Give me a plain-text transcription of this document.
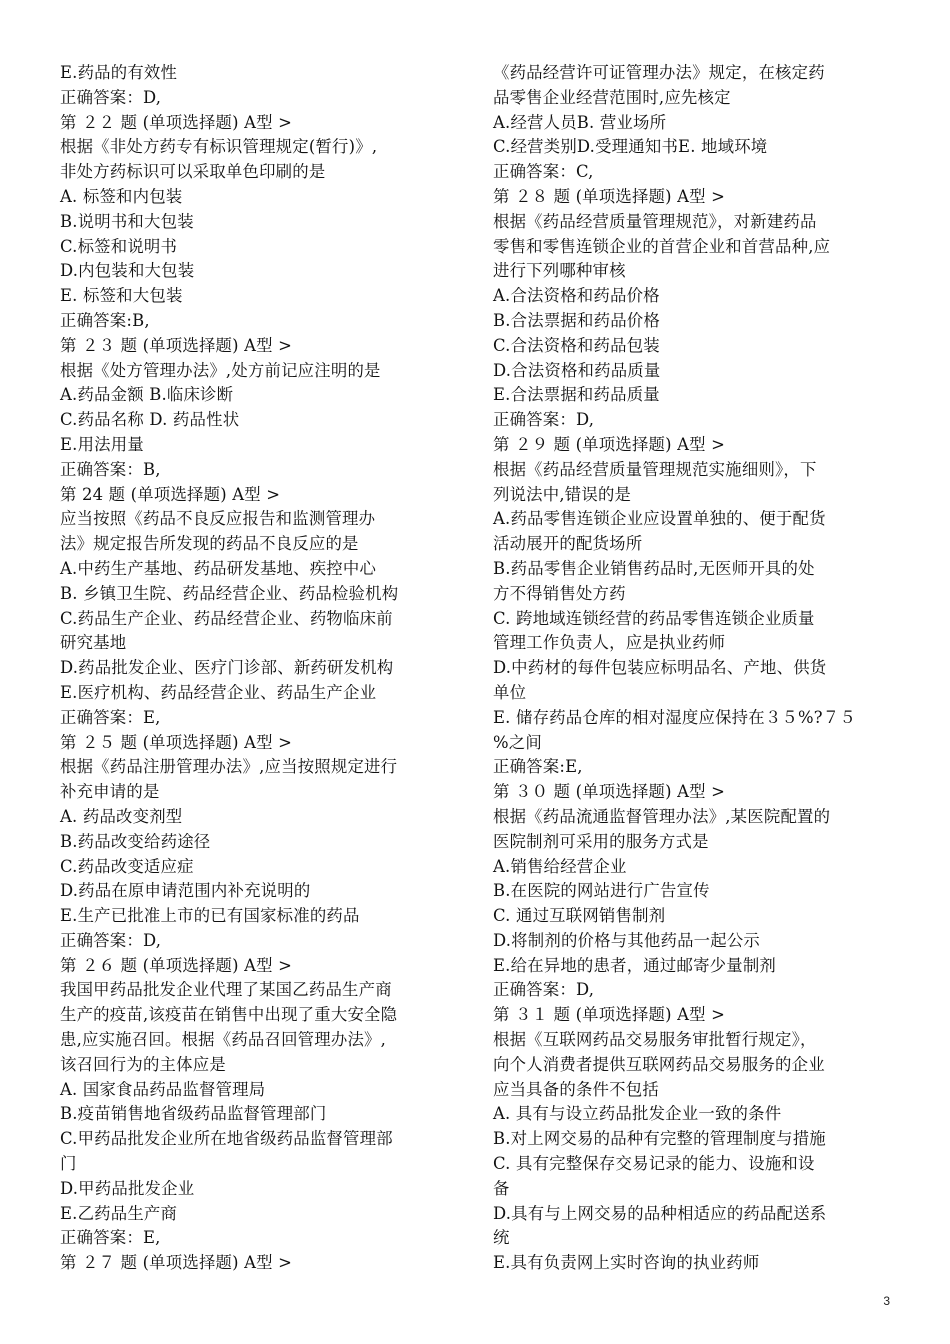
E.药品的有效性
正确答案：D,
第 ２２ 题 (单项选择题) A型 >
根据《非处方药专有标识管理规定(暂行)》,
非处方药标识可以采取单色印刷的是
A. 标签和内包装
B.说明书和大包装
C.标签和说明书
D.内包装和大包装
E. 标签和大包装
正确答案:B,
第 ２３ 题 (单项选择题) A型 >
根据《处方管理办法》,处方前记应注明的是
A.药品金额 B.临床诊断
C.药品名称 D. 药品性状
E.用法用量
正确答案：B,
第 24 题 (单项选择题) A型 >
应当按照《药品不良反应报告和监测管理办
法》规定报告所发现的药品不良反应的是
A.中药生产基地、药品研发基地、疾控中心
B. 乡镇卫生院、药品经营企业、药品检验机构
C.药品生产企业、药品经营企业、药物临床前
研究基地
D.药品批发企业、医疗门诊部、新药研发机构
E.医疗机构、药品经营企业、药品生产企业
正确答案：E,
第 ２５ 题 (单项选择题) A型 >
根据《药品注册管理办法》,应当按照规定进行
补充申请的是
A. 药品改变剂型
B.药品改变给药途径
C.药品改变适应症
D.药品在原申请范围内补充说明的
E.生产已批准上市的已有国家标准的药品
正确答案：D,
第 ２６ 题 (单项选择题) A型 >
我国甲药品批发企业代理了某国乙药品生产商
生产的疫苗,该疫苗在销售中出现了重大安全隐
患,应实施召回。根据《药品召回管理办法》,
该召回行为的主体应是
A. 国家食品药品监督管理局
B.疫苗销售地省级药品监督管理部门
C.甲药品批发企业所在地省级药品监督管理部
门
D.甲药品批发企业
E.乙药品生产商
正确答案：E,
第 ２７ 题 (单项选择题) A型 >
《药品经营许可证管理办法》规定，在核定药
品零售企业经营范围时,应先核定
A.经营人员B. 营业场所
C.经营类别D.受理通知书E. 地域环境
正确答案：C,
第 ２８ 题 (单项选择题) A型 >
根据《药品经营质量管理规范》，对新建药品
零售和零售连锁企业的首营企业和首营品种,应
进行下列哪种审核
A.合法资格和药品价格
B.合法票据和药品价格
C.合法资格和药品包装
D.合法资格和药品质量
E.合法票据和药品质量
正确答案：D,
第 ２９ 题 (单项选择题) A型 >
根据《药品经营质量管理规范实施细则》，下
列说法中,错误的是
A.药品零售连锁企业应设置单独的、便于配货
活动展开的配货场所
B.药品零售企业销售药品时,无医师开具的处
方不得销售处方药
C. 跨地域连锁经营的药品零售连锁企业质量
管理工作负责人，应是执业药师
D.中药材的每件包装应标明品名、产地、供货
单位
E. 储存药品仓库的相对湿度应保持在３５%?７５
%之间
正确答案:E,
第 ３０ 题 (单项选择题) A型 >
根据《药品流通监督管理办法》,某医院配置的
医院制剂可采用的服务方式是
A.销售给经营企业
B.在医院的网站进行广告宣传
C. 通过互联网销售制剂
D.将制剂的价格与其他药品一起公示
E.给在异地的患者，通过邮寄少量制剂
正确答案：D,
第 ３１ 题 (单项选择题) A型 >
根据《互联网药品交易服务审批暂行规定》，
向个人消费者提供互联网药品交易服务的企业
应当具备的条件不包括
A. 具有与设立药品批发企业一致的条件
B.对上网交易的品种有完整的管理制度与措施
C. 具有完整保存交易记录的能力、设施和设
备
D.具有与上网交易的品种相适应的药品配送系
统
E.具有负责网上实时咨询的执业药师
3
